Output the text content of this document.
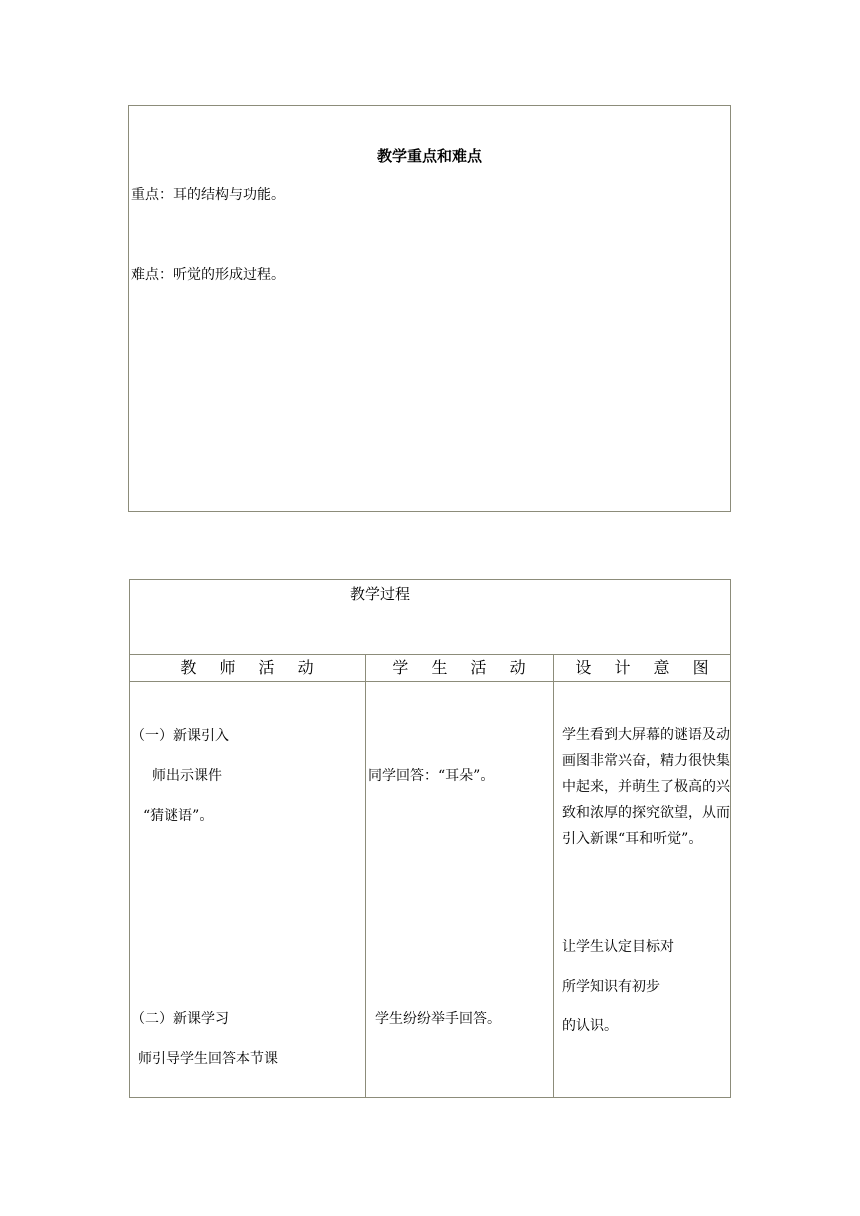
教学重点和难点
重点：耳的结构与功能。
难点：听觉的形成过程。
教学过程
教 师 活 动	学 生 活 动	设 计 意 图
（一）新课引入
师出示课件
“猜谜语”。
（二）新课学习
师引导学生回答本节课
同学回答：“耳朵”。
学生纷纷举手回答。
学生看到大屏幕的谜语及动画图非常兴奋，精力很快集中起来，并萌生了极高的兴致和浓厚的探究欲望，从而引入新课“耳和听觉”。
让学生认定目标对
所学知识有初步
的认识。
